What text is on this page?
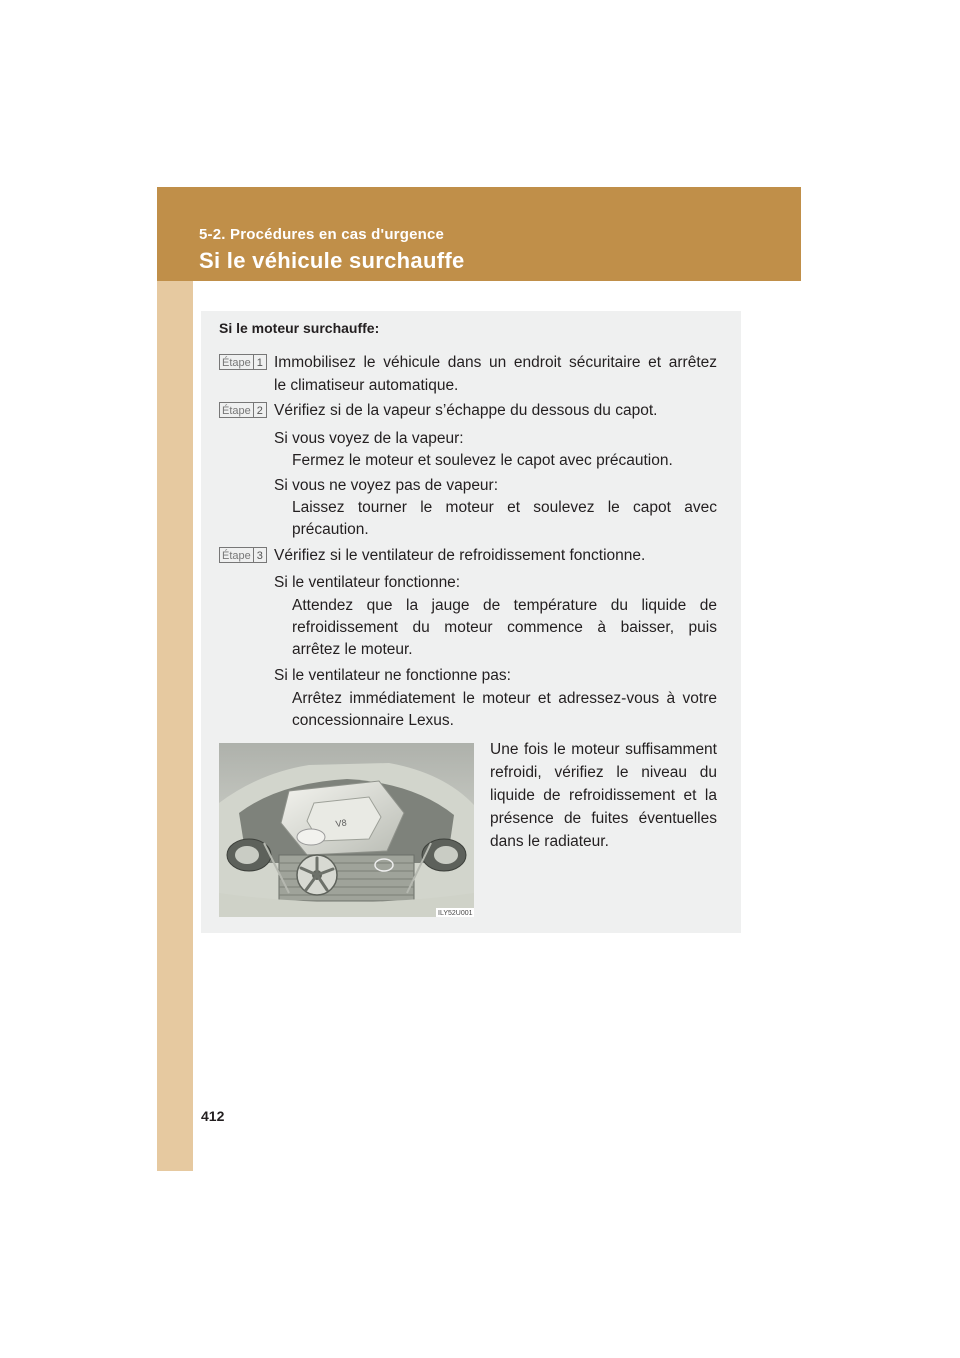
5-2. Procédures en cas d'urgence
Si le véhicule surchauffe
Si le moteur surchauffe:
Étape 1 Immobilisez le véhicule dans un endroit sécuritaire et arrêtez

le climatiseur automatique.

Étape 2 Vérifiez si de la vapeur s’échappe du dessous du capot.

Si vous voyez de la vapeur:

Fermez le moteur et soulevez le capot avec précaution.

Si vous ne voyez pas de vapeur:

Laissez tourner le moteur et soulevez le capot avec

précaution.

Étape 3 Vérifiez si le ventilateur de refroidissement fonctionne.

Si le ventilateur fonctionne:

Attendez que la jauge de température du liquide de

refroidissement du moteur commence à baisser, puis

arrêtez le moteur.

Si le ventilateur ne fonctionne pas:

Arrêtez immédiatement le moteur et adressez-vous à votre

concessionnaire Lexus.

Une fois le moteur suffisamment

refroidi, vérifiez le niveau du

liquide de refroidissement et la

présence de fuites éventuelles

dans le radiateur.

V8
ILY52U001
412
